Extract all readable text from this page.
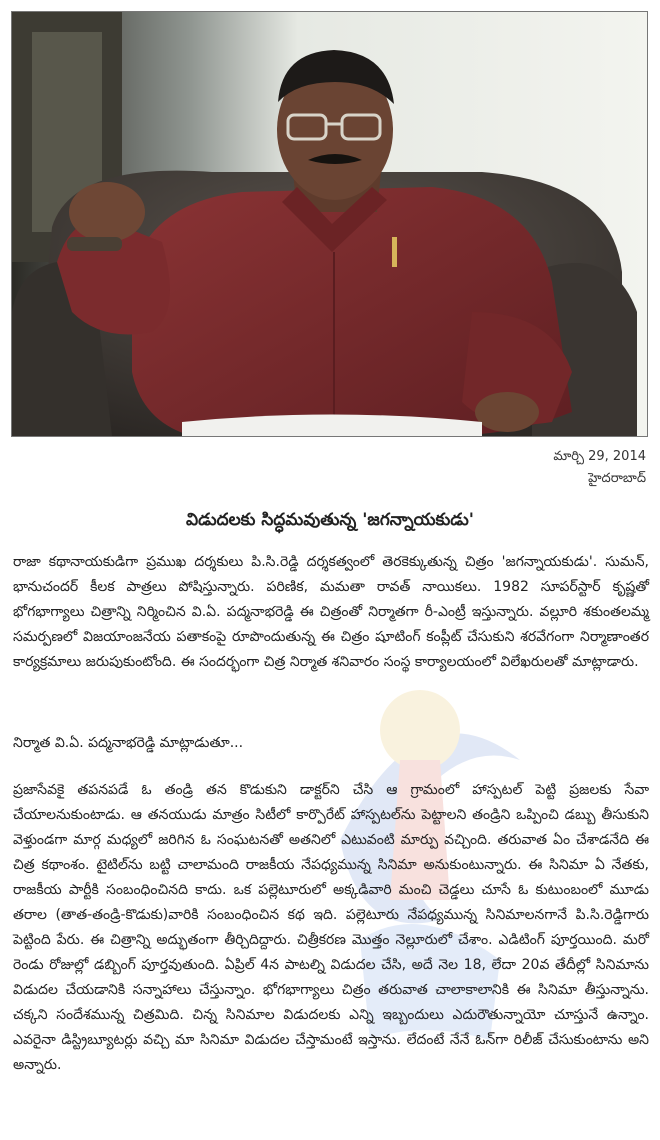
మార్చి 29, 2014
హైదరాబాద్
విడుదలకు సిద్ధమవుతున్న 'జగన్నాయకుడు'

రాజా కథానాయకుడిగా ప్రముఖ దర్శకులు పి.సి.రెడ్డి దర్శకత్వంలో తెరకెక్కుతున్న చిత్రం 'జగన్నాయకుడు'. సుమన్, భానుచందర్ కీలక పాత్రలు పోషిస్తున్నారు. పరిణిక, మమతా రావత్ నాయికలు. 1982 సూపర్‌స్టార్ కృష్ణతో భోగభాగ్యాలు చిత్రాన్ని నిర్మించిన వి.ఏ. పద్మనాభరెడ్డి ఈ చిత్రంతో నిర్మాతగా రీ-ఎంట్రీ ఇస్తున్నారు. వల్లూరి శకుంతలమ్మ సమర్పణలో విజయాంజనేయ పతాకంపై రూపొందుతున్న ఈ చిత్రం షూటింగ్ కంప్లీట్ చేసుకుని శరవేగంగా నిర్మాణాంతర కార్యక్రమాలు జరుపుకుంటోంది. ఈ సందర్భంగా చిత్ర నిర్మాత శనివారం సంస్థ కార్యాలయంలో విలేఖరులతో మాట్లాడారు.

నిర్మాత వి.ఏ. పద్మనాభరెడ్డి మాట్లాడుతూ...

ప్రజాసేవకై తపనపడే ఓ తండ్రి తన కొడుకుని డాక్టర్‌ని చేసి ఆ గ్రామంలో హాస్పటల్ పెట్టి ప్రజలకు సేవా చేయాలనుకుంటాడు. ఆ తనయుడు మాత్రం సిటీలో కార్పొరేట్ హాస్పటల్‌ను పెట్టాలని తండ్రిని ఒప్పించి డబ్బు తీసుకుని వెళ్తుండగా మార్గ మధ్యలో జరిగిన ఓ సంఘటనతో అతనిలో ఎటువంటి మార్పు వచ్చింది. తరువాత ఏం చేశాడనేది ఈ చిత్ర కథాంశం. టైటిల్‌ను బట్టి చాలామంది రాజకీయ నేపధ్యమున్న సినిమా అనుకుంటున్నారు. ఈ సినిమా ఏ నేతకు, రాజకీయ పార్టీకి సంబంధించినది కాదు. ఒక పల్లెటూరులో అక్కడివారి మంచి చెడ్డలు చూసే ఓ కుటుంబంలో మూడు తరాల (తాత-తండ్రి-కొడుకు)వారికి సంబంధించిన కథ ఇది. పల్లెటూరు నేపధ్యమున్న సినిమాలనగానే పి.సి.రెడ్డిగారు పెట్టింది పేరు. ఈ చిత్రాన్ని అద్భుతంగా తీర్చిదిద్దారు. చిత్రీకరణ మొత్తం నెల్లూరులో చేశాం. ఎడిటింగ్ పూర్తయింది. మరో రెండు రోజుల్లో డబ్బింగ్ పూర్తవుతుంది. ఏప్రిల్ 4న పాటల్ని విడుదల చేసి, అదే నెల 18, లేదా 20వ తేదీల్లో సినిమాను విడుదల చేయడానికి సన్నాహాలు చేస్తున్నాం. భోగభాగ్యాలు చిత్రం తరువాత చాలాకాలానికి ఈ సినిమా తీస్తున్నాను. చక్కని సందేశమున్న చిత్రమిది. చిన్న సినిమాల విడుదలకు ఎన్ని ఇబ్బందులు ఎదురౌతున్నాయో చూస్తునే ఉన్నాం. ఎవరైనా డిస్ట్రిబ్యూటర్లు వచ్చి మా సినిమా విడుదల చేస్తామంటే ఇస్తాను. లేదంటే నేనే ఓన్‌గా రిలీజ్ చేసుకుంటాను అని అన్నారు.
